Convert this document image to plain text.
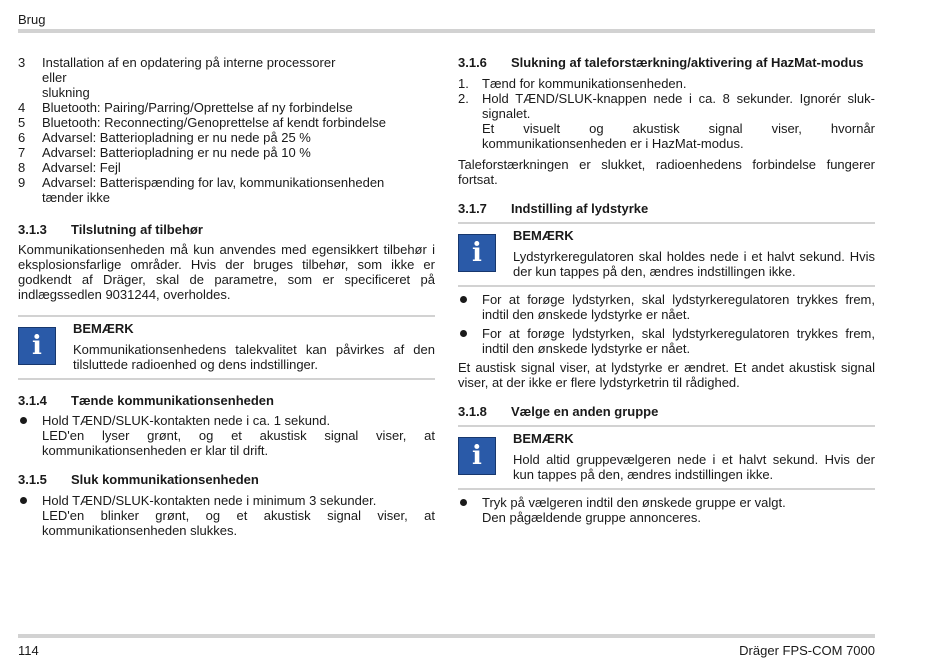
Brug
3	Installation af en opdatering på interne processorer
eller
slukning
4	Bluetooth: Pairing/Parring/Oprettelse af ny forbindelse
5	Bluetooth: Reconnecting/Genoprettelse af kendt forbindelse
6	Advarsel: Batteriopladning er nu nede på 25 %
7	Advarsel: Batteriopladning er nu nede på 10 %
8	Advarsel: Fejl
9	Advarsel: Batterispænding for lav, kommunikationsenheden
tænder ikke
3.1.3	Tilslutning af tilbehør

Kommunikationsenheden må kun anvendes med egensikkert tilbehør i eksplosionsfarlige områder. Hvis der bruges tilbehør, som ikke er godkendt af Dräger, skal de parametre, som er specificeret på indlægssedlen 9031244, overholdes.

i
BEMÆRK

Kommunikationsenhedens talekvalitet kan påvirkes af den tilsluttede radioenhed og dens indstillinger.

3.1.4	Tænde kommunikationsenheden
Hold TÆND/SLUK-kontakten nede i ca. 1 sekund.
LED'en lyser grønt, og et akustisk signal viser, at
kommunikationsenheden er klar til drift.
3.1.5	Sluk kommunikationsenheden
Hold TÆND/SLUK-kontakten nede i minimum 3 sekunder.
LED'en blinker grønt, og et akustisk signal viser, at
kommunikationsenheden slukkes.
3.1.6	Slukning af taleforstærkning/aktivering af HazMat-modus
1.	Tænd for kommunikationsenheden.
2.	Hold TÆND/SLUK-knappen nede i ca. 8 sekunder. Ignorér sluk-signalet.
Et visuelt og akustisk signal viser, hvornår
kommunikationsenheden er i HazMat-modus.

Taleforstærkningen er slukket, radioenhedens forbindelse fungerer fortsat.

3.1.7	Indstilling af lydstyrke
i
BEMÆRK

Lydstyrkeregulatoren skal holdes nede i et halvt sekund. Hvis der kun tappes på den, ændres indstillingen ikke.

For at forøge lydstyrken, skal lydstyrkeregulatoren trykkes frem, indtil den ønskede lydstyrke er nået.
For at forøge lydstyrken, skal lydstyrkeregulatoren trykkes frem, indtil den ønskede lydstyrke er nået.

Et austisk signal viser, at lydstyrke er ændret. Et andet akustisk signal viser, at der ikke er flere lydstyrketrin til rådighed.

3.1.8	Vælge en anden gruppe
i
BEMÆRK

Hold altid gruppevælgeren nede i et halvt sekund. Hvis der kun tappes på den, ændres indstillingen ikke.

Tryk på vælgeren indtil den ønskede gruppe er valgt.
Den pågældende gruppe annonceres.
114	Dräger FPS-COM 7000
